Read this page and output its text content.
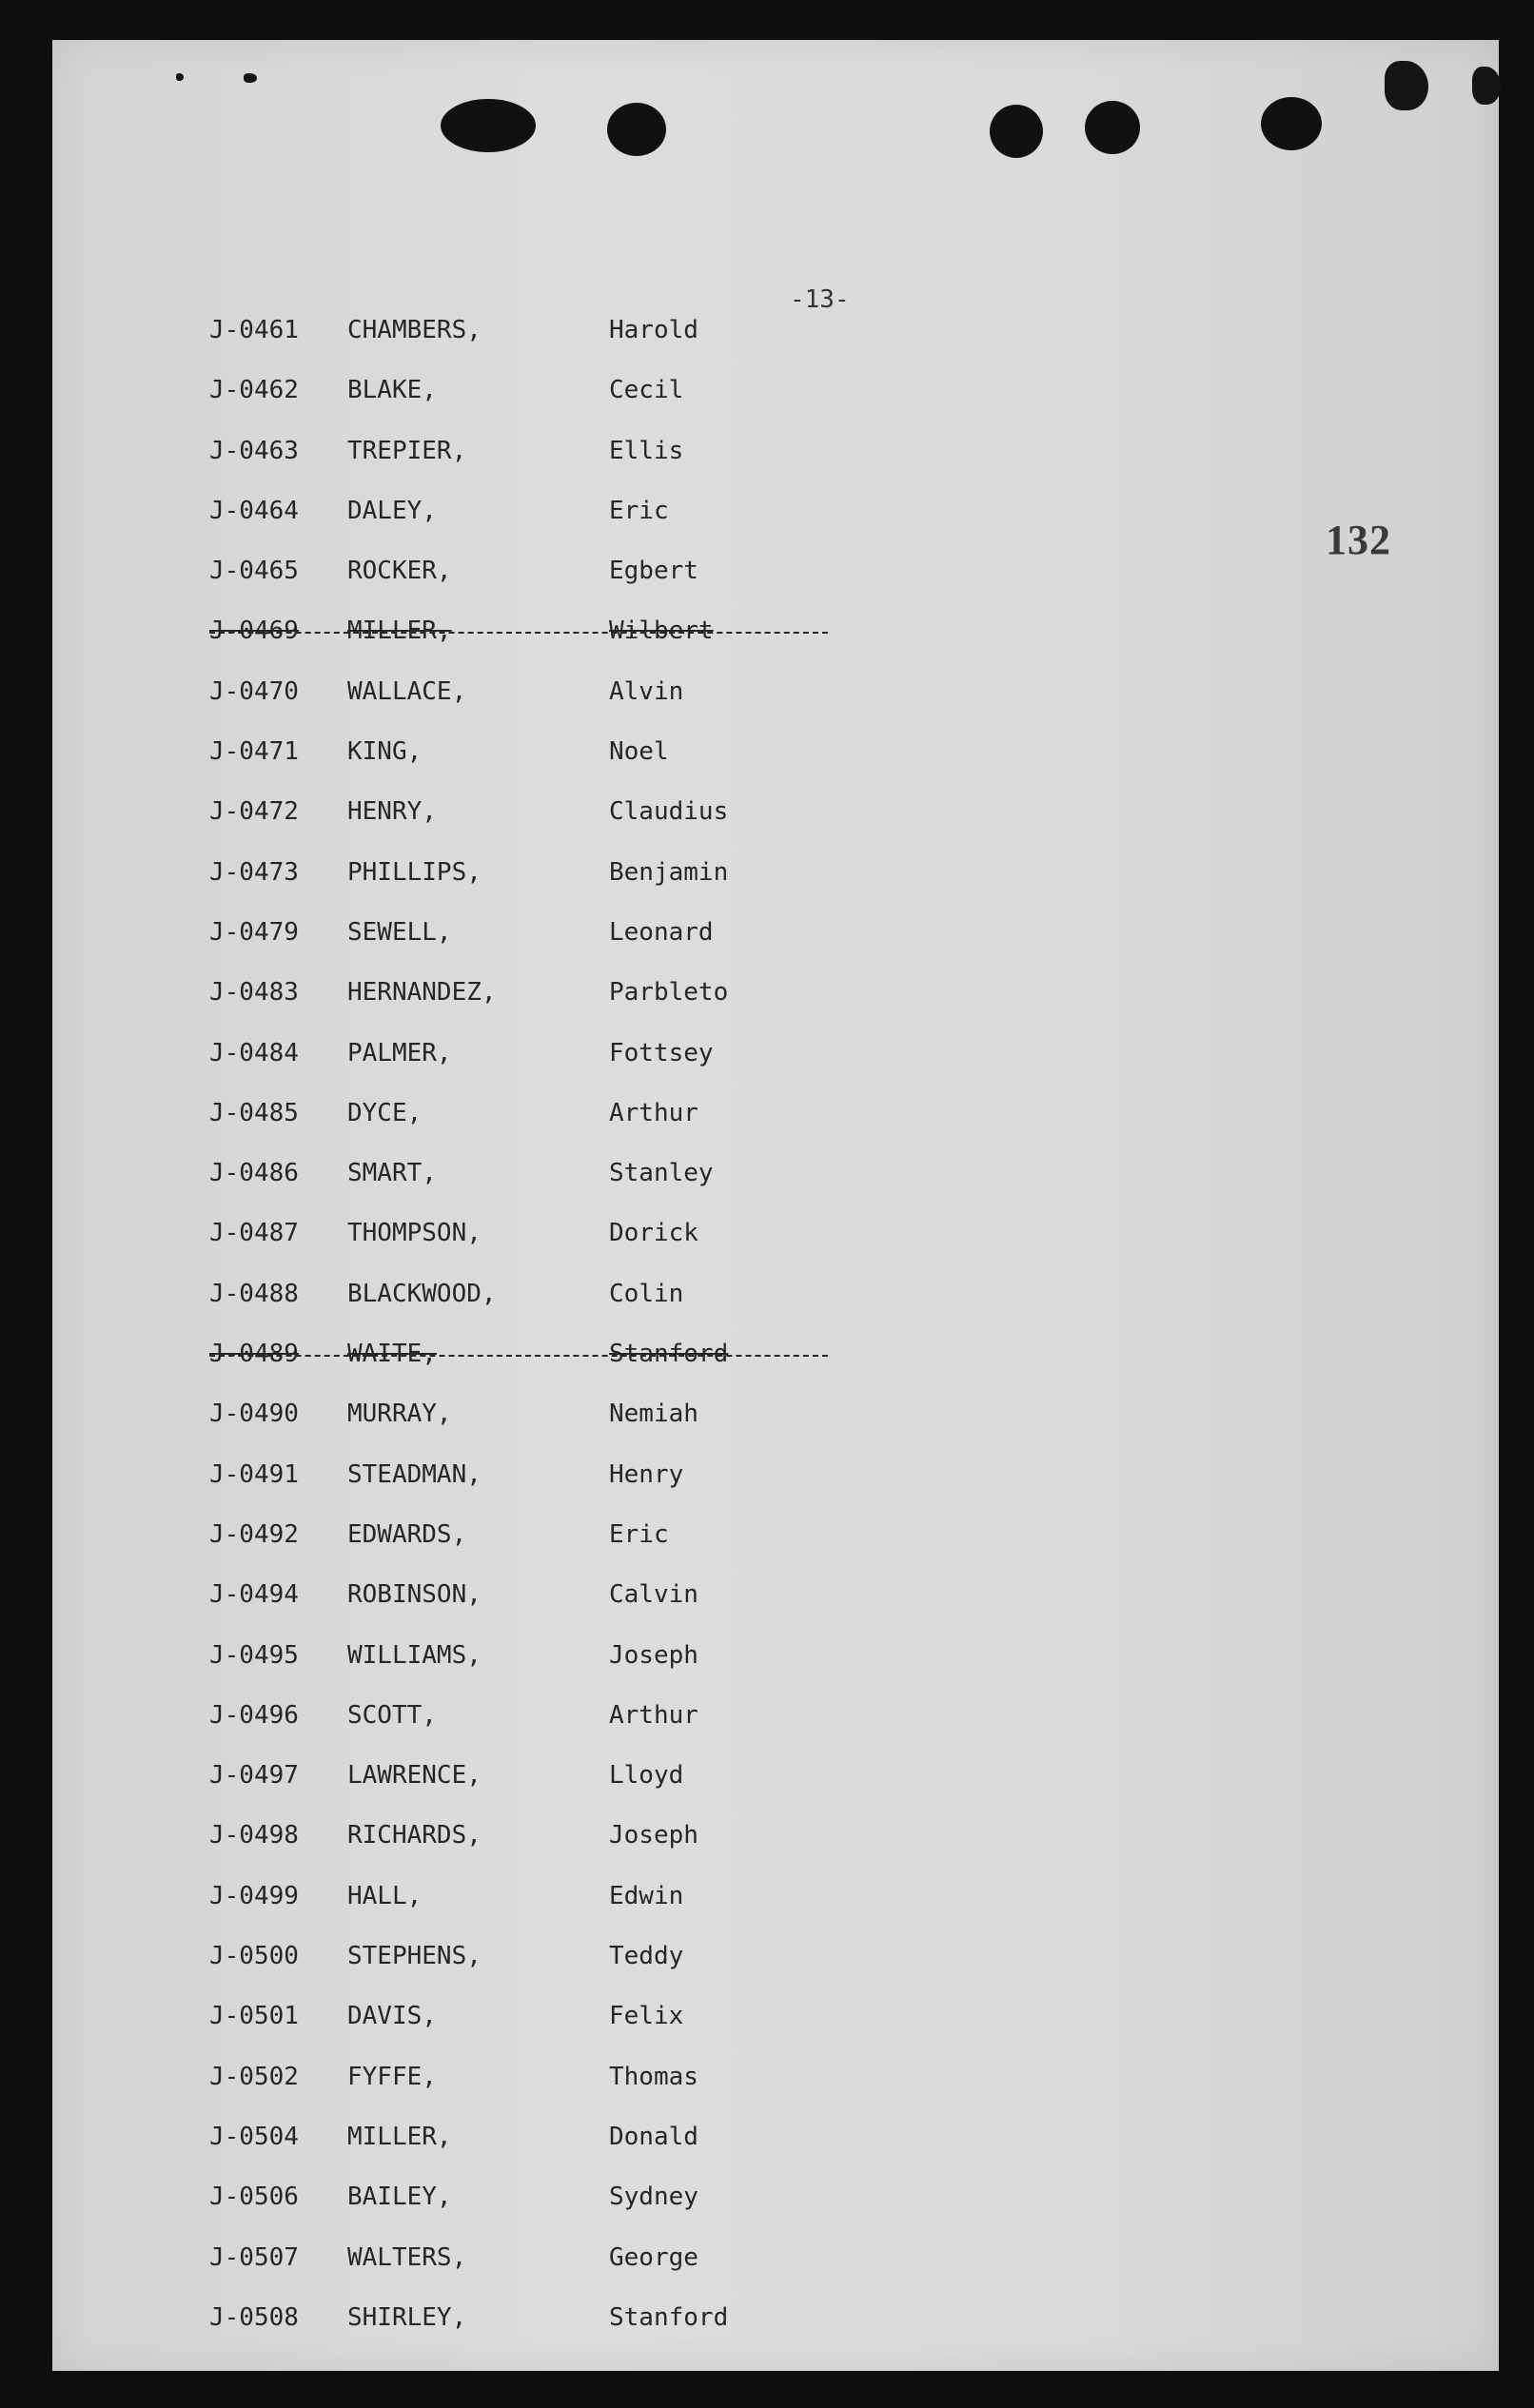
-13-
132
J-0461 CHAMBERS,	Harold
J-0462 BLAKE,	Cecil
J-0463 TREPIER,	Ellis
J-0464 DALEY,	Eric
J-0465 ROCKER,	Egbert
J-0469 MILLER,	Wilbert
J-0470 WALLACE,	Alvin
J-0471 KING,	Noel
J-0472 HENRY,	Claudius
J-0473 PHILLIPS,	Benjamin
J-0479 SEWELL,	Leonard
J-0483 HERNANDEZ,	Parbleto
J-0484 PALMER,	Fottsey
J-0485 DYCE,	Arthur
J-0486 SMART,	Stanley
J-0487 THOMPSON,	Dorick
J-0488 BLACKWOOD,	Colin
J-0489 WAITE,	Stanford
J-0490 MURRAY,	Nemiah
J-0491 STEADMAN,	Henry
J-0492 EDWARDS,	Eric
J-0494 ROBINSON,	Calvin
J-0495 WILLIAMS,	Joseph
J-0496 SCOTT,	Arthur
J-0497 LAWRENCE,	Lloyd
J-0498 RICHARDS,	Joseph
J-0499 HALL,	Edwin
J-0500 STEPHENS,	Teddy
J-0501 DAVIS,	Felix
J-0502 FYFFE,	Thomas
J-0504 MILLER,	Donald
J-0506 BAILEY,	Sydney
J-0507 WALTERS,	George
J-0508 SHIRLEY,	Stanford
